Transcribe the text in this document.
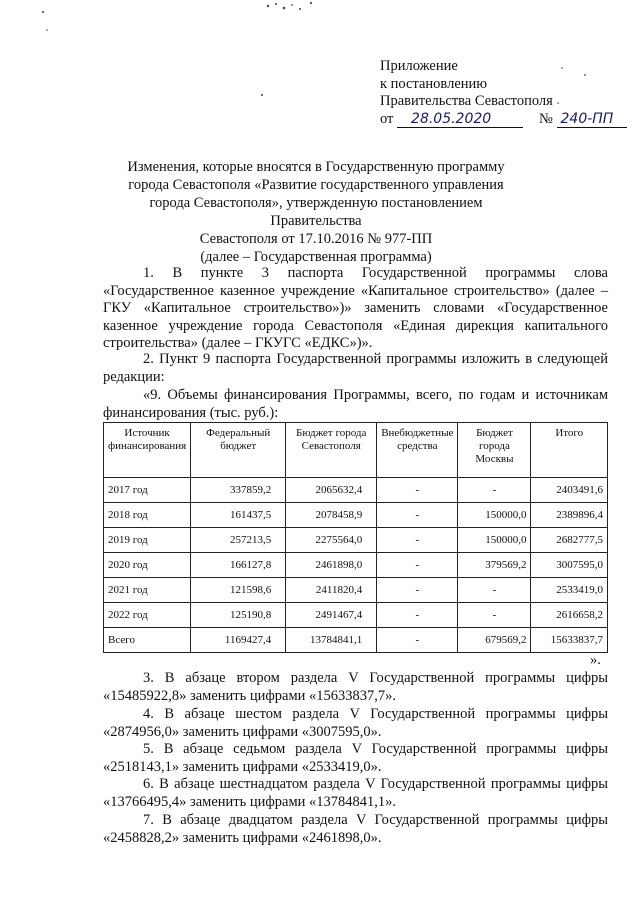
Приложение
к постановлению
Правительства Севастополя
от 28.05.2020	№ 240-ПП
Изменения, которые вносятся в Государственную программу
города Севастополя «Развитие государственного управления
города Севастополя», утвержденную постановлением Правительства
Севастополя от 17.10.2016 № 977-ПП
(далее – Государственная программа)

1. В пункте 3 паспорта Государственной программы слова «Государственное казенное учреждение «Капитальное строительство» (далее – ГКУ «Капитальное строительство»)» заменить словами «Государственное казенное учреждение города Севастополя «Единая дирекция капитального строительства» (далее – ГКУГС «ЕДКС»)».

2. Пункт 9 паспорта Государственной программы изложить в следующей редакции:

«9. Объемы финансирования Программы, всего, по годам и источникам финансирования (тыс. руб.):

Источник финансирования	Федеральный бюджет	Бюджет города Севастополя	Внебюджетные средства	Бюджет города Москвы	Итого
2017 год	337859,2	2065632,4	-	-	2403491,6
2018 год	161437,5	2078458,9	-	150000,0	2389896,4
2019 год	257213,5	2275564,0	-	150000,0	2682777,5
2020 год	166127,8	2461898,0	-	379569,2	3007595,0
2021 год	121598,6	2411820,4	-	-	2533419,0
2022 год	125190,8	2491467,4	-	-	2616658,2
Всего	1169427,4	13784841,1	-	679569,2	15633837,7
».

3. В абзаце втором раздела V Государственной программы цифры «15485922,8» заменить цифрами «15633837,7».

4. В абзаце шестом раздела V Государственной программы цифры «2874956,0» заменить цифрами «3007595,0».

5. В абзаце седьмом раздела V Государственной программы цифры «2518143,1» заменить цифрами «2533419,0».

6. В абзаце шестнадцатом раздела V Государственной программы цифры «13766495,4» заменить цифрами «13784841,1».

7. В абзаце двадцатом раздела V Государственной программы цифры «2458828,2» заменить цифрами «2461898,0».
